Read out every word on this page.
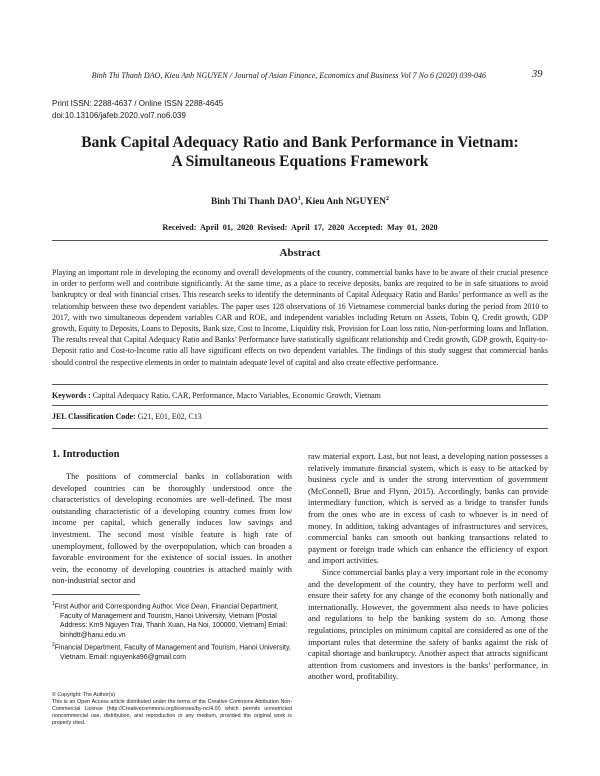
Binh Thi Thanh DAO, Kieu Anh NGUYEN / Journal of Asian Finance, Economics and Business Vol 7 No 6 (2020) 039-046	39
Print ISSN: 2288-4637 / Online ISSN 2288-4645
doi:10.13106/jafeb.2020.vol7.no6.039
Bank Capital Adequacy Ratio and Bank Performance in Vietnam:
A Simultaneous Equations Framework
Binh Thi Thanh DAO$^1$, Kieu Anh NGUYEN$^2$
Received: April 01, 2020 Revised: April 17, 2020 Accepted: May 01, 2020
Abstract

Playing an important role in developing the economy and overall developments of the country, commercial banks have to be aware of their crucial presence in order to perform well and contribute significantly. At the same time, as a place to receive deposits, banks are required to be in safe situations to avoid bankruptcy or deal with financial crises. This research seeks to identify the determinants of Capital Adequacy Ratio and Banks’ performance as well as the relationship between these two dependent variables. The paper uses 128 observations of 16 Vietnamese commercial banks during the period from 2010 to 2017, with two simultaneous dependent variables CAR and ROE, and independent variables including Return on Assets, Tobin Q, Credit growth, GDP growth, Equity to Deposits, Loans to Deposits, Bank size, Cost to Income, Liquidity risk, Provision for Loan loss ratio, Non-performing loans and Inflation. The results reveal that Capital Adequacy Ratio and Banks’ Performance have statistically significant relationship and Credit growth, GDP growth, Equity-to-Deposit ratio and Cost-to-Income ratio all have significant effects on two dependent variables. The findings of this study suggest that commercial banks should control the respective elements in order to maintain adequate level of capital and also create effective performance.

Keywords : Capital Adequacy Ratio, CAR, Performance, Macro Variables, Economic Growth, Vietnam
JEL Classification Code: G21, E01, E02, C13
1. Introduction

The positions of commercial banks in collaboration with developed countries can be thoroughly understood once the characteristics of developing economies are well-defined. The most outstanding characteristic of a developing country comes from low income per capital, which generally induces low savings and investment. The second most visible feature is high rate of unemployment, followed by the overpopulation, which can broaden a favorable environment for the existence of social issues. In another vein, the economy of developing countries is attached mainly with non-industrial sector and

raw material export. Last, but not least, a developing nation possesses a relatively immature financial system, which is easy to be attacked by business cycle and is under the strong intervention of government (McConnell, Brue and Flynn, 2015). Accordingly, banks can provide intermediary function, which is served as a bridge to transfer funds from the ones who are in excess of cash to whoever is in need of money. In addition, taking advantages of infrastructures and services, commercial banks can smooth out banking transactions related to payment or foreign trade which can enhance the efficiency of export and import activities.

Since commercial banks play a very important role in the economy and the development of the country, they have to perform well and ensure their safety for any change of the economy both nationally and internationally. However, the government also needs to have policies and regulations to help the banking system do so. Among those regulations, principles on minimum capital are considered as one of the important rules that determine the safety of banks against the risk of capital shortage and bankruptcy. Another aspect that attracts significant attention from customers and investors is the banks’ performance, in another word, profitability.

$^1$First Author and Corresponding Author. Vice Dean, Financial Department, Faculty of Management and Tourism, Hanoi University, Vietnam [Postal Address: Km9 Nguyen Trai, Thanh Xuan, Ha Noi, 100000, Vietnam] Email: binhdtt@hanu.edu.vn

$^2$Financial Department, Faculty of Management and Tourism, Hanoi University, Vietnam. Email: nguyenka96@gmail.com

© Copyright: The Author(s)

This is an Open Access article distributed under the terms of the Creative Commons Attribution Non-Commercial License (http://Creativecommons.org/licenses/by-nc/4.0/) which permits unrestricted noncommercial use, distribution, and reproduction in any medium, provided the original work is properly cited.
